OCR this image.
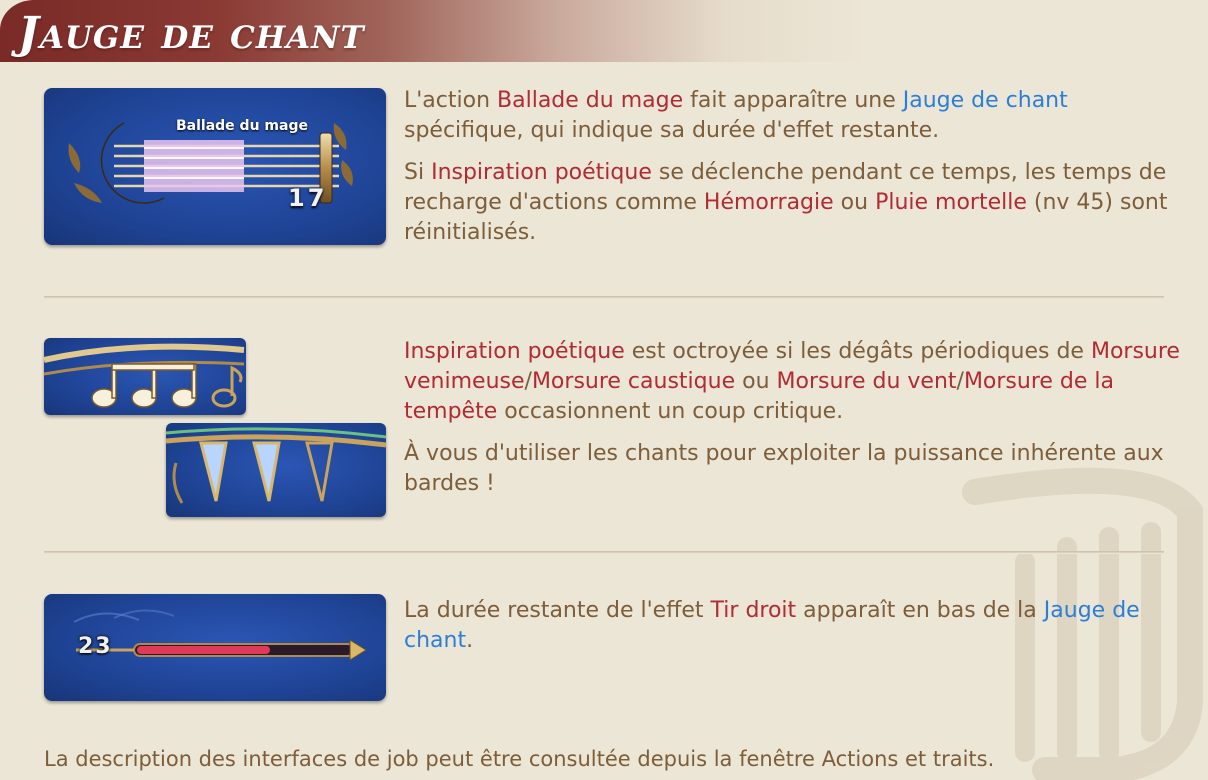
Jauge de chant
Ballade du mage
17

L'action Ballade du mage fait apparaître une Jauge de chant spécifique, qui indique sa durée d'effet restante.

Si Inspiration poétique se déclenche pendant ce temps, les temps de recharge d'actions comme Hémorragie ou Pluie mortelle (nv 45) sont réinitialisés.

Inspiration poétique est octroyée si les dégâts périodiques de Morsure venimeuse/Morsure caustique ou Morsure du vent/Morsure de la tempête occasionnent un coup critique.

À vous d'utiliser les chants pour exploiter la puissance inhérente aux bardes !

23

La durée restante de l'effet Tir droit apparaît en bas de la Jauge de chant.

La description des interfaces de job peut être consultée depuis la fenêtre Actions et traits.
